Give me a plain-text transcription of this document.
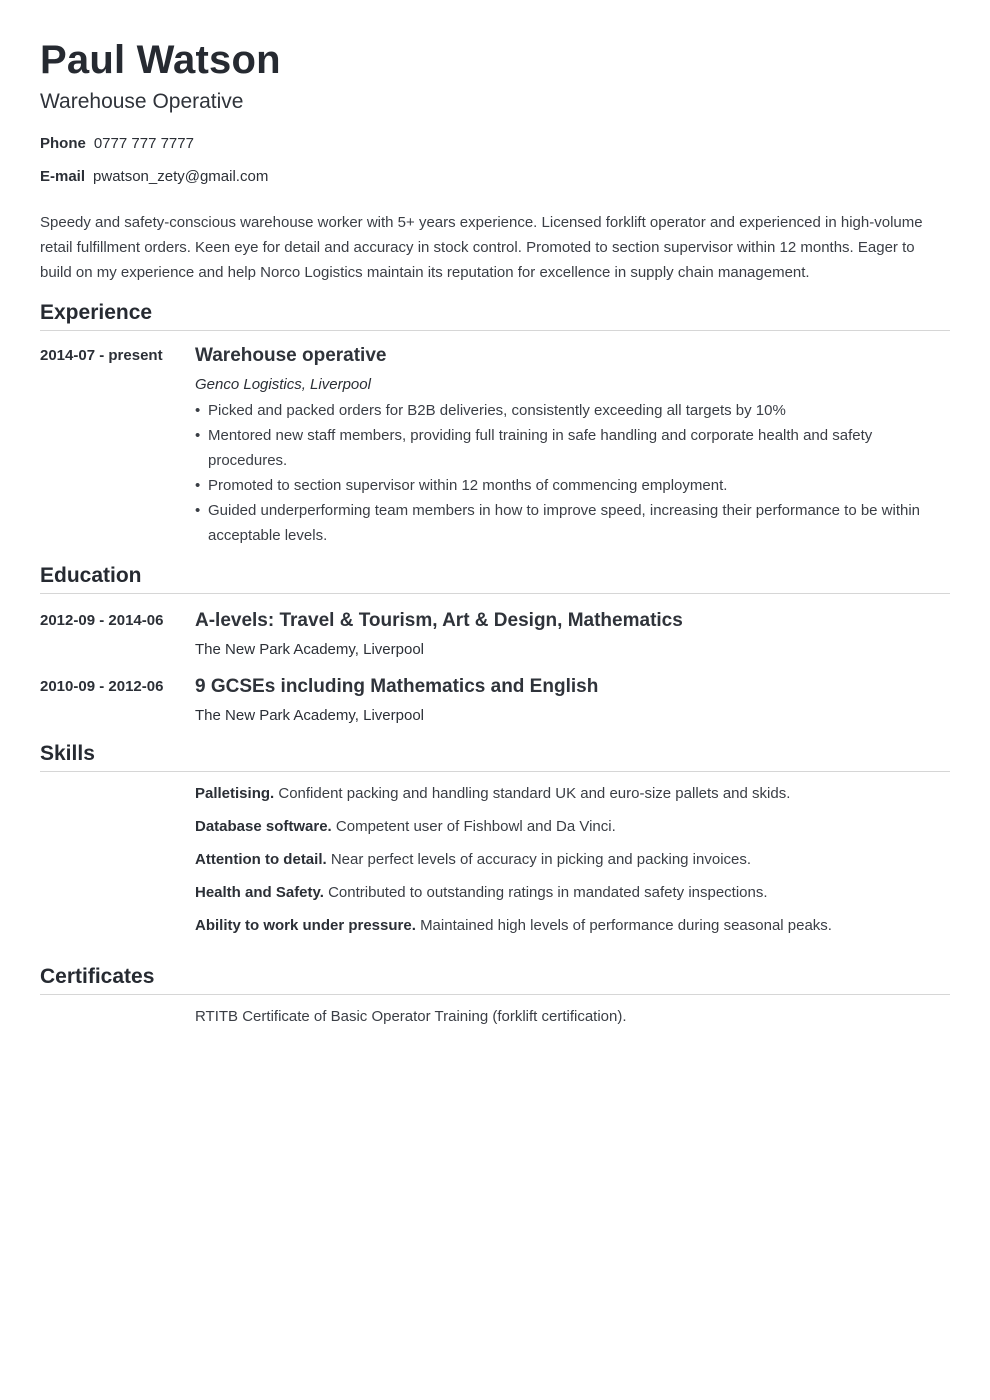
Paul Watson
Warehouse Operative
Phone 0777 777 7777
E-mail pwatson_zety@gmail.com

Speedy and safety-conscious warehouse worker with 5+ years experience. Licensed forklift operator and experienced in high-volume retail fulfillment orders. Keen eye for detail and accuracy in stock control. Promoted to section supervisor within 12 months. Eager to build on my experience and help Norco Logistics maintain its reputation for excellence in supply chain management.

Experience
2014-07 - present	Warehouse operative
Genco Logistics, Liverpool
• Picked and packed orders for B2B deliveries, consistently exceeding all targets by 10%
• Mentored new staff members, providing full training in safe handling and corporate health and safety procedures.
• Promoted to section supervisor within 12 months of commencing employment.
• Guided underperforming team members in how to improve speed, increasing their performance to be within acceptable levels.
Education
2012-09 - 2014-06	A-levels: Travel & Tourism, Art & Design, Mathematics
The New Park Academy, Liverpool
2010-09 - 2012-06	9 GCSEs including Mathematics and English
The New Park Academy, Liverpool
Skills
Palletising. Confident packing and handling standard UK and euro-size pallets and skids.
Database software. Competent user of Fishbowl and Da Vinci.
Attention to detail. Near perfect levels of accuracy in picking and packing invoices.
Health and Safety. Contributed to outstanding ratings in mandated safety inspections.
Ability to work under pressure. Maintained high levels of performance during seasonal peaks.
Certificates
RTITB Certificate of Basic Operator Training (forklift certification).
